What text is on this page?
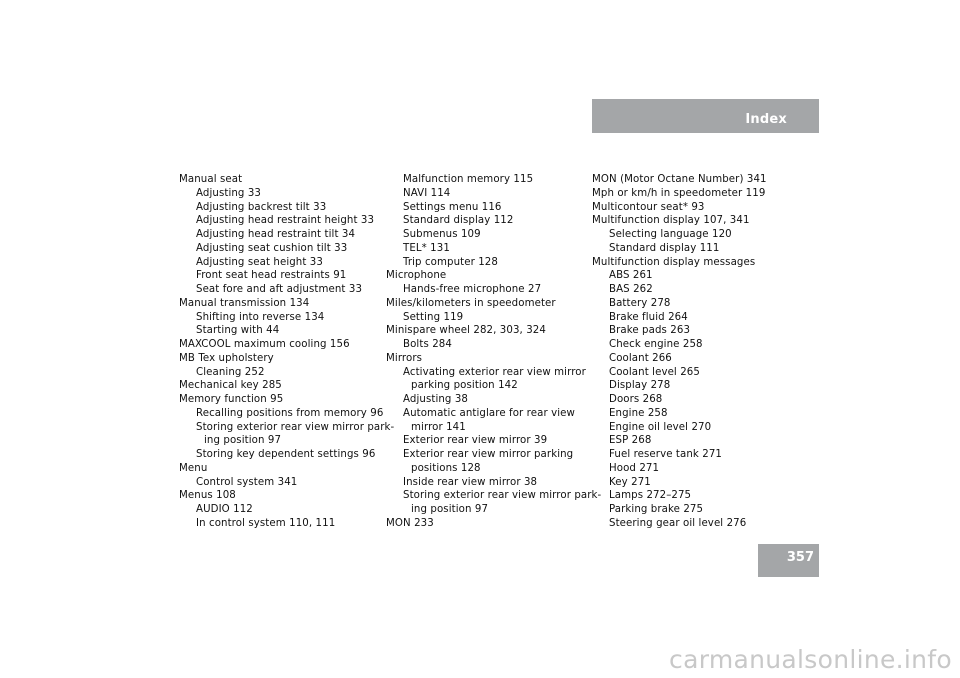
Index
Manual seat
Adjusting 33
Adjusting backrest tilt 33
Adjusting head restraint height 33
Adjusting head restraint tilt 34
Adjusting seat cushion tilt 33
Adjusting seat height 33
Front seat head restraints 91
Seat fore and aft adjustment 33
Manual transmission 134
Shifting into reverse 134
Starting with 44
MAXCOOL maximum cooling 156
MB Tex upholstery
Cleaning 252
Mechanical key 285
Memory function 95
Recalling positions from memory 96
Storing exterior rear view mirror park-
ing position 97
Storing key dependent settings 96
Menu
Control system 341
Menus 108
AUDIO 112
In control system 110, 111
Malfunction memory 115
NAVI 114
Settings menu 116
Standard display 112
Submenus 109
TEL* 131
Trip computer 128
Microphone
Hands-free microphone 27
Miles/kilometers in speedometer
Setting 119
Minispare wheel 282, 303, 324
Bolts 284
Mirrors
Activating exterior rear view mirror
parking position 142
Adjusting 38
Automatic antiglare for rear view
mirror 141
Exterior rear view mirror 39
Exterior rear view mirror parking
positions 128
Inside rear view mirror 38
Storing exterior rear view mirror park-
ing position 97
MON 233
MON (Motor Octane Number) 341
Mph or km/h in speedometer 119
Multicontour seat* 93
Multifunction display 107, 341
Selecting language 120
Standard display 111
Multifunction display messages
ABS 261
BAS 262
Battery 278
Brake fluid 264
Brake pads 263
Check engine 258
Coolant 266
Coolant level 265
Display 278
Doors 268
Engine 258
Engine oil level 270
ESP 268
Fuel reserve tank 271
Hood 271
Key 271
Lamps 272–275
Parking brake 275
Steering gear oil level 276
357
carmanualsonline.info
